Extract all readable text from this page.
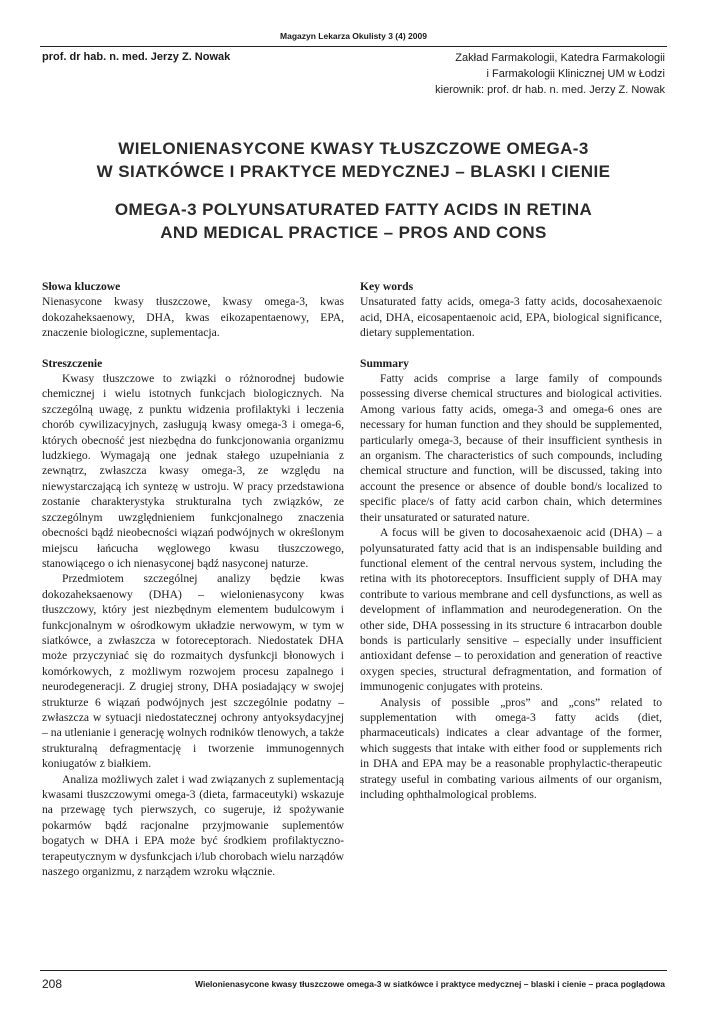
Magazyn Lekarza Okulisty 3 (4) 2009
prof. dr hab. n. med. Jerzy Z. Nowak	Zakład Farmakologii, Katedra Farmakologii
i Farmakologii Klinicznej UM w Łodzi
kierownik: prof. dr hab. n. med. Jerzy Z. Nowak
WIELONIENASYCONE KWASY TŁUSZCZOWE OMEGA-3
W SIATKÓWCE I PRAKTYCE MEDYCZNEJ – BLASKI I CIENIE
OMEGA-3 POLYUNSATURATED FATTY ACIDS IN RETINA
AND MEDICAL PRACTICE – PROS AND CONS
Słowa kluczowe

Nienasycone kwasy tłuszczowe, kwasy omega-3, kwas dokozaheksaenowy, DHA, kwas eikozapentaenowy, EPA, znaczenie biologiczne, suplementacja.

Streszczenie

Kwasy tłuszczowe to związki o różnorodnej budowie chemicznej i wielu istotnych funkcjach biologicznych. Na szczególną uwagę, z punktu widzenia profilaktyki i leczenia chorób cywilizacyjnych, zasługują kwasy omega-3 i omega-6, których obecność jest niezbędna do funkcjonowania organizmu ludzkiego. Wymagają one jednak stałego uzupełniania z zewnątrz, zwłaszcza kwasy omega-3, ze względu na niewystarczającą ich syntezę w ustroju. W pracy przedstawiona zostanie charakterystyka strukturalna tych związków, ze szczególnym uwzględnieniem funkcjonalnego znaczenia obecności bądź nieobecności wiązań podwójnych w określonym miejscu łańcucha węglowego kwasu tłuszczowego, stanowiącego o ich nienasyconej bądź nasyconej naturze.

Przedmiotem szczególnej analizy będzie kwas dokozaheksaenowy (DHA) – wielonienasycony kwas tłuszczowy, który jest niezbędnym elementem budulcowym i funkcjonalnym w ośrodkowym układzie nerwowym, w tym w siatkówce, a zwłaszcza w fotoreceptorach. Niedostatek DHA może przyczyniać się do rozmaitych dysfunkcji błonowych i komórkowych, z możliwym rozwojem procesu zapalnego i neurodegeneracji. Z drugiej strony, DHA posiadający w swojej strukturze 6 wiązań podwójnych jest szczególnie podatny – zwłaszcza w sytuacji niedostatecznej ochrony antyoksydacyjnej – na utlenianie i generację wolnych rodników tlenowych, a także strukturalną defragmentację i tworzenie immunogennych koniugatów z białkiem.

Analiza możliwych zalet i wad związanych z suplementacją kwasami tłuszczowymi omega-3 (dieta, farmaceutyki) wskazuje na przewagę tych pierwszych, co sugeruje, iż spożywanie pokarmów bądź racjonalne przyjmowanie suplementów bogatych w DHA i EPA może być środkiem profilaktyczno-terapeutycznym w dysfunkcjach i/lub chorobach wielu narządów naszego organizmu, z narządem wzroku włącznie.

Key words

Unsaturated fatty acids, omega-3 fatty acids, docosahexaenoic acid, DHA, eicosapentaenoic acid, EPA, biological significance, dietary supplementation.

Summary

Fatty acids comprise a large family of compounds possessing diverse chemical structures and biological activities. Among various fatty acids, omega-3 and omega-6 ones are necessary for human function and they should be supplemented, particularly omega-3, because of their insufficient synthesis in an organism. The characteristics of such compounds, including chemical structure and function, will be discussed, taking into account the presence or absence of double bond/s localized to specific place/s of fatty acid carbon chain, which determines their unsaturated or saturated nature.

A focus will be given to docosahexaenoic acid (DHA) – a polyunsaturated fatty acid that is an indispensable building and functional element of the central nervous system, including the retina with its photoreceptors. Insufficient supply of DHA may contribute to various membrane and cell dysfunctions, as well as development of inflammation and neurodegeneration. On the other side, DHA possessing in its structure 6 intracarbon double bonds is particularly sensitive – especially under insufficient antioxidant defense – to peroxidation and generation of reactive oxygen species, structural defragmentation, and formation of immunogenic conjugates with proteins.

Analysis of possible „pros” and „cons” related to supplementation with omega-3 fatty acids (diet, pharmaceuticals) indicates a clear advantage of the former, which suggests that intake with either food or supplements rich in DHA and EPA may be a reasonable prophylactic-therapeutic strategy useful in combating various ailments of our organism, including ophthalmological problems.

208	Wielonienasycone kwasy tłuszczowe omega-3 w siatkówce i praktyce medycznej – blaski i cienie – praca poglądowa
